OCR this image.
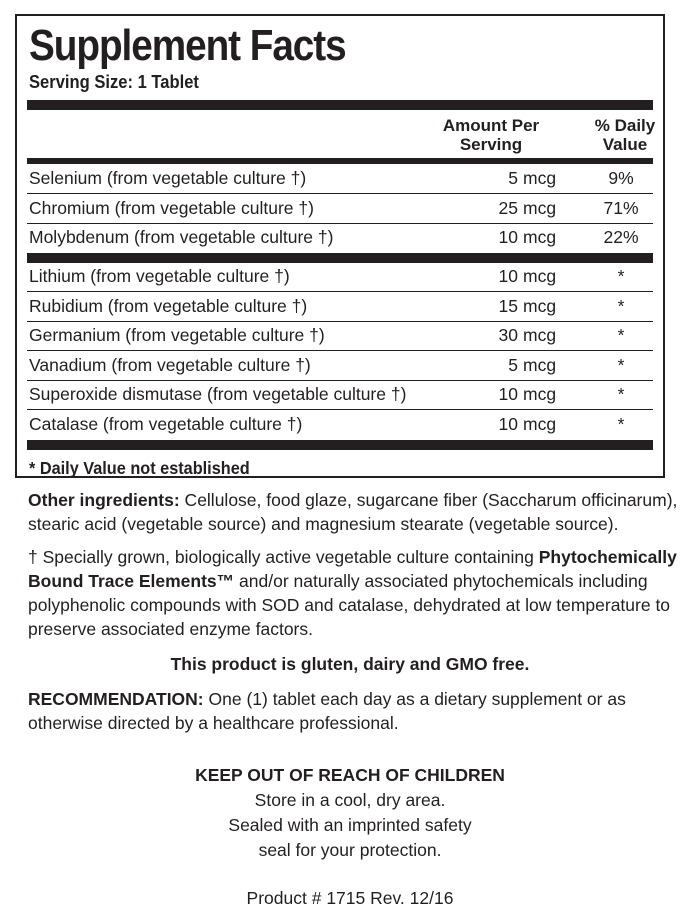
Supplement Facts
Serving Size: 1 Tablet
Amount Per
Serving
% Daily
Value
Selenium (from vegetable culture †)	5 mcg	9%
Chromium (from vegetable culture †)	25 mcg	71%
Molybdenum (from vegetable culture †)	10 mcg	22%
Lithium (from vegetable culture †)	10 mcg	*
Rubidium (from vegetable culture †)	15 mcg	*
Germanium (from vegetable culture †)	30 mcg	*
Vanadium (from vegetable culture †)	5 mcg	*
Superoxide dismutase (from vegetable culture †)	10 mcg	*
Catalase (from vegetable culture †)	10 mcg	*
* Daily Value not established
Other ingredients: Cellulose, food glaze, sugarcane fiber (Saccharum officinarum), stearic acid (vegetable source) and magnesium stearate (vegetable source).
† Specially grown, biologically active vegetable culture containing Phytochemically Bound Trace Elements™ and/or naturally associated phytochemicals including polyphenolic compounds with SOD and catalase, dehydrated at low temperature to preserve associated enzyme factors.
This product is gluten, dairy and GMO free.
RECOMMENDATION: One (1) tablet each day as a dietary supplement or as otherwise directed by a healthcare professional.
KEEP OUT OF REACH OF CHILDREN
Store in a cool, dry area.
Sealed with an imprinted safety
seal for your protection.
Product # 1715 Rev. 12/16
